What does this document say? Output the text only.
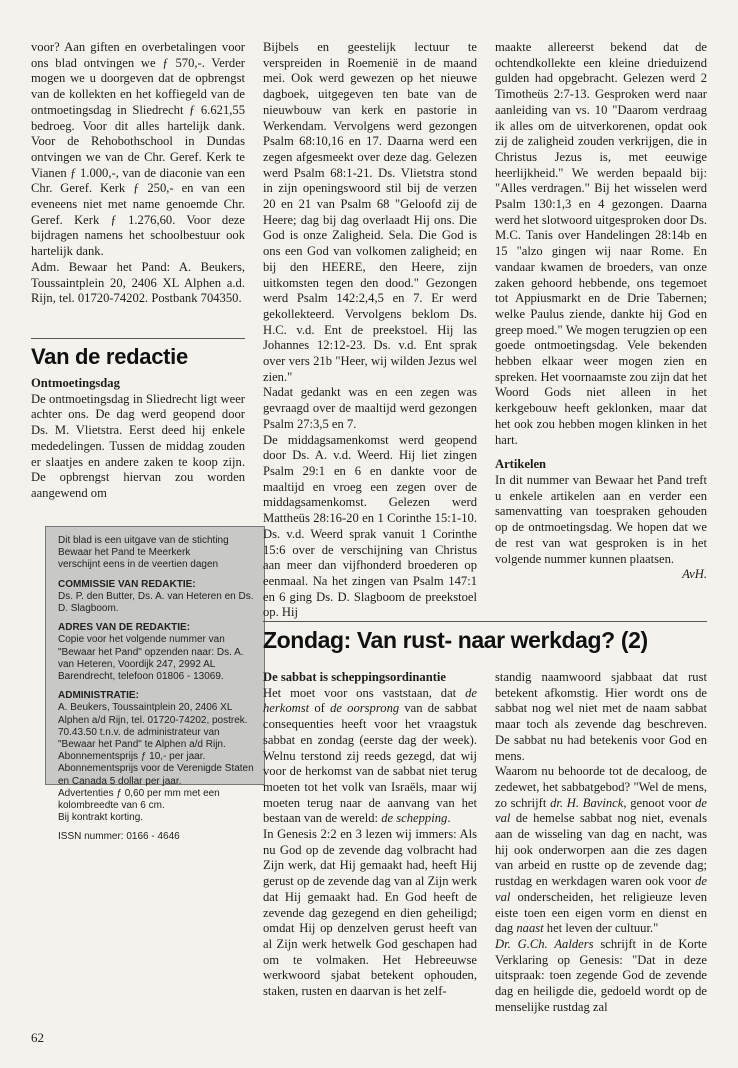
voor? Aan giften en overbetalingen voor ons blad ontvingen we ƒ 570,-. Verder mogen we u doorgeven dat de opbrengst van de kollekten en het koffiegeld van de ontmoetingsdag in Sliedrecht ƒ 6.621,55 bedroeg. Voor dit alles hartelijk dank. Voor de Rehobothschool in Dundas ontvingen we van de Chr. Geref. Kerk te Vianen ƒ 1.000,-, van de diaconie van een Chr. Geref. Kerk ƒ 250,- en van een eveneens niet met name genoemde Chr. Geref. Kerk ƒ 1.276,60. Voor deze bijdragen namens het schoolbestuur ook hartelijk dank.

Adm. Bewaar het Pand: A. Beukers, Toussaintplein 20, 2406 XL Alphen a.d. Rijn, tel. 01720-74202. Postbank 704350.

Van de redactie

Ontmoetingsdag

De ontmoetingsdag in Sliedrecht ligt weer achter ons. De dag werd geopend door Ds. M. Vlietstra. Eerst deed hij enkele mededelingen. Tussen de middag zouden er slaatjes en andere zaken te koop zijn. De opbrengst hiervan zou worden aangewend om

Dit blad is een uitgave van de stichting Bewaar het Pand te Meerkerk
verschijnt eens in de veertien dagen
COMMISSIE VAN REDAKTIE:
Ds. P. den Butter, Ds. A. van Heteren en Ds. D. Slagboom.
ADRES VAN DE REDAKTIE:
Copie voor het volgende nummer van "Bewaar het Pand" opzenden naar: Ds. A. van Heteren, Voordijk 247, 2992 AL Barendrecht, telefoon 01806 - 13069.
ADMINISTRATIE:
A. Beukers, Toussaintplein 20, 2406 XL Alphen a/d Rijn, tel. 01720-74202, postrek. 70.43.50 t.n.v. de administrateur van "Bewaar het Pand" te Alphen a/d Rijn.
Abonnementsprijs ƒ 10,- per jaar.
Abonnementsprijs voor de Verenigde Staten en Canada 5 dollar per jaar.
Advertenties ƒ 0,60 per mm met een kolombreedte van 6 cm.
Bij kontrakt korting.
ISSN nummer: 0166 - 4646

Bijbels en geestelijk lectuur te verspreiden in Roemenië in de maand mei. Ook werd gewezen op het nieuwe dagboek, uitgegeven ten bate van de nieuwbouw van kerk en pastorie in Werkendam. Vervolgens werd gezongen Psalm 68:10,16 en 17. Daarna werd een zegen afgesmeekt over deze dag. Gelezen werd Psalm 68:1-21. Ds. Vlietstra stond in zijn openingswoord stil bij de verzen 20 en 21 van Psalm 68 "Geloofd zij de Heere; dag bij dag overlaadt Hij ons. Die God is onze Zaligheid. Sela. Die God is ons een God van volkomen zaligheid; en bij den HEERE, den Heere, zijn uitkomsten tegen den dood." Gezongen werd Psalm 142:2,4,5 en 7. Er werd gekollekteerd. Vervolgens beklom Ds. H.C. v.d. Ent de preekstoel. Hij las Johannes 12:12-23. Ds. v.d. Ent sprak over vers 21b "Heer, wij wilden Jezus wel zien."

Nadat gedankt was en een zegen was gevraagd over de maaltijd werd gezongen Psalm 27:3,5 en 7.

De middagsamenkomst werd geopend door Ds. A. v.d. Weerd. Hij liet zingen Psalm 29:1 en 6 en dankte voor de maaltijd en vroeg een zegen over de middagsamenkomst. Gelezen werd Mattheüs 28:16-20 en 1 Corinthe 15:1-10. Ds. v.d. Weerd sprak vanuit 1 Corinthe 15:6 over de verschijning van Christus aan meer dan vijfhonderd broederen op eenmaal. Na het zingen van Psalm 147:1 en 6 ging Ds. D. Slagboom de preekstoel op. Hij

maakte allereerst bekend dat de ochtendkollekte een kleine drieduizend gulden had opgebracht. Gelezen werd 2 Timotheüs 2:7-13. Gesproken werd naar aanleiding van vs. 10 "Daarom verdraag ik alles om de uitverkorenen, opdat ook zij de zaligheid zouden verkrijgen, die in Christus Jezus is, met eeuwige heerlijkheid." We werden bepaald bij: "Alles verdragen." Bij het wisselen werd Psalm 130:1,3 en 4 gezongen. Daarna werd het slotwoord uitgesproken door Ds. M.C. Tanis over Handelingen 28:14b en 15 "alzo gingen wij naar Rome. En vandaar kwamen de broeders, van onze zaken gehoord hebbende, ons tegemoet tot Appiusmarkt en de Drie Tabernen; welke Paulus ziende, dankte hij God en greep moed." We mogen terugzien op een goede ontmoetingsdag. Vele bekenden hebben elkaar weer mogen zien en spreken. Het voornaamste zou zijn dat het Woord Gods niet alleen in het kerkgebouw heeft geklonken, maar dat het ook zou hebben mogen klinken in het hart.

Artikelen

In dit nummer van Bewaar het Pand treft u enkele artikelen aan en verder een samenvatting van toespraken gehouden op de ontmoetingsdag. We hopen dat we de rest van wat gesproken is in het volgende nummer kunnen plaatsen.

AvH.

Zondag: Van rust- naar werkdag? (2)

De sabbat is scheppingsordinantie

Het moet voor ons vaststaan, dat de herkomst of de oorsprong van de sabbat consequenties heeft voor het vraagstuk sabbat en zondag (eerste dag der week). Welnu terstond zij reeds gezegd, dat wij voor de herkomst van de sabbat niet terug moeten tot het volk van Israëls, maar wij moeten terug naar de aanvang van het bestaan van de wereld: de schepping.

In Genesis 2:2 en 3 lezen wij immers: Als nu God op de zevende dag volbracht had Zijn werk, dat Hij gemaakt had, heeft Hij gerust op de zevende dag van al Zijn werk dat Hij gemaakt had. En God heeft de zevende dag gezegend en dien geheiligd; omdat Hij op denzelven gerust heeft van al Zijn werk hetwelk God geschapen had om te volmaken. Het Hebreeuwse werkwoord sjabat betekent ophouden, staken, rusten en daarvan is het zelf-

standig naamwoord sjabbaat dat rust betekent afkomstig. Hier wordt ons de sabbat nog wel niet met de naam sabbat maar toch als zevende dag beschreven. De sabbat nu had betekenis voor God en mens.

Waarom nu behoorde tot de decaloog, de zedewet, het sabbatgebod? "Wel de mens, zo schrijft dr. H. Bavinck, genoot voor de val de hemelse sabbat nog niet, evenals aan de wisseling van dag en nacht, was hij ook onderworpen aan die zes dagen van arbeid en rustte op de zevende dag; rustdag en werkdagen waren ook voor de val onderscheiden, het religieuze leven eiste toen een eigen vorm en dienst en dag naast het leven der cultuur."

Dr. G.Ch. Aalders schrijft in de Korte Verklaring op Genesis: "Dat in deze uitspraak: toen zegende God de zevende dag en heiligde die, gedoeld wordt op de menselijke rustdag zal

62
